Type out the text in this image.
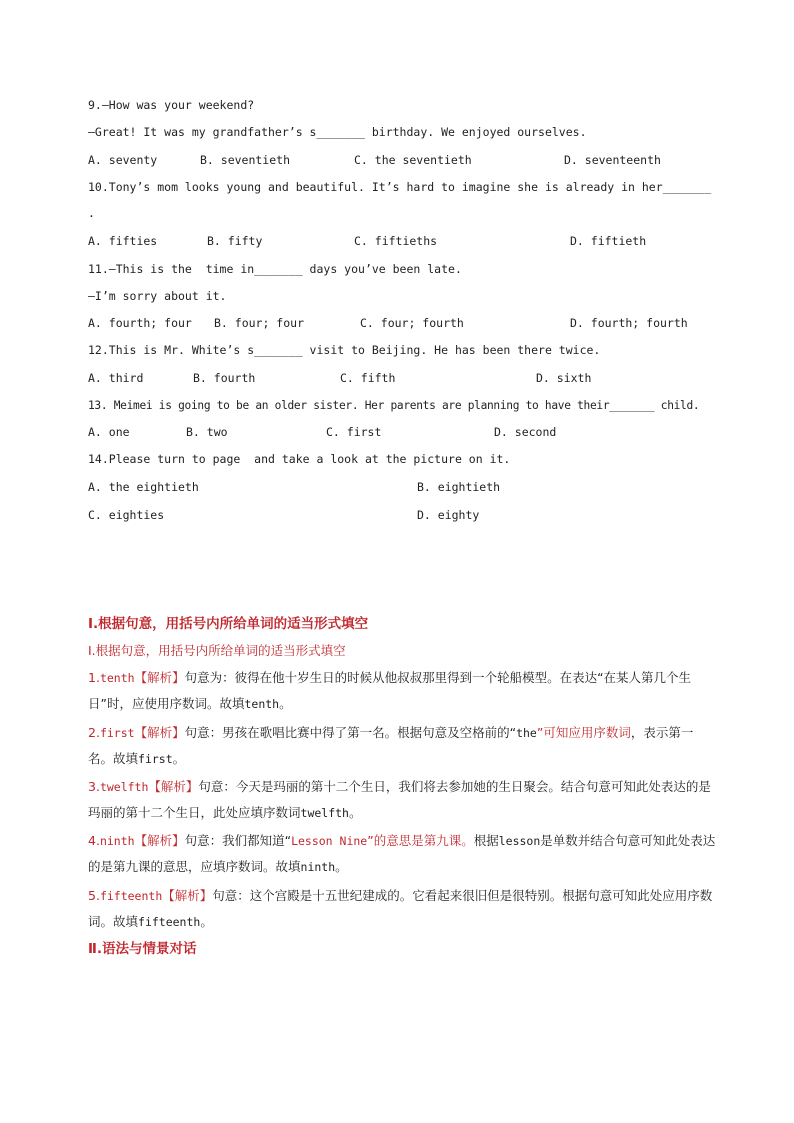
9.—How was your weekend?
—Great! It was my grandfather’s s_______ birthday. We enjoyed ourselves.
A. seventy	B. seventieth	C. the seventieth	D. seventeenth
10.Tony’s mom looks young and beautiful. It’s hard to imagine she is already in her_______
.
A. fifties	B. fifty	C. fiftieths	D. fiftieth
11.—This is the  time in_______ days you’ve been late.
—I’m sorry about it.
A. fourth; four B. four; four	C. four; fourth	D. fourth; fourth
12.This is Mr. White’s s_______ visit to Beijing. He has been there twice.
A. third	B. fourth	C. fifth	D. sixth
13. Meimei is going to be an older sister. Her parents are planning to have their_______ child.
A. one	B. two	C. first	D. second
14.Please turn to page  and take a look at the picture on it.
A. the eightieth	B. eightieth
C. eighties	D. eighty
Ⅰ.根据句意，用括号内所给单词的适当形式填空
Ⅰ.根据句意，用括号内所给单词的适当形式填空
1.tenth【解析】句意为：彼得在他十岁生日的时候从他叔叔那里得到一个轮船模型。在表达“在某人第几个生日”时，应使用序数词。故填tenth。
2.first【解析】句意：男孩在歌唱比赛中得了第一名。根据句意及空格前的“the”可知应用序数词，表示第一名。故填first。
3.twelfth【解析】句意：今天是玛丽的第十二个生日，我们将去参加她的生日聚会。结合句意可知此处表达的是玛丽的第十二个生日，此处应填序数词twelfth。
4.ninth【解析】句意：我们都知道“Lesson Nine”的意思是第九课。根据lesson是单数并结合句意可知此处表达的是第九课的意思，应填序数词。故填ninth。
5.fifteenth【解析】句意：这个宫殿是十五世纪建成的。它看起来很旧但是很特别。根据句意可知此处应用序数词。故填fifteenth。
Ⅱ.语法与情景对话
